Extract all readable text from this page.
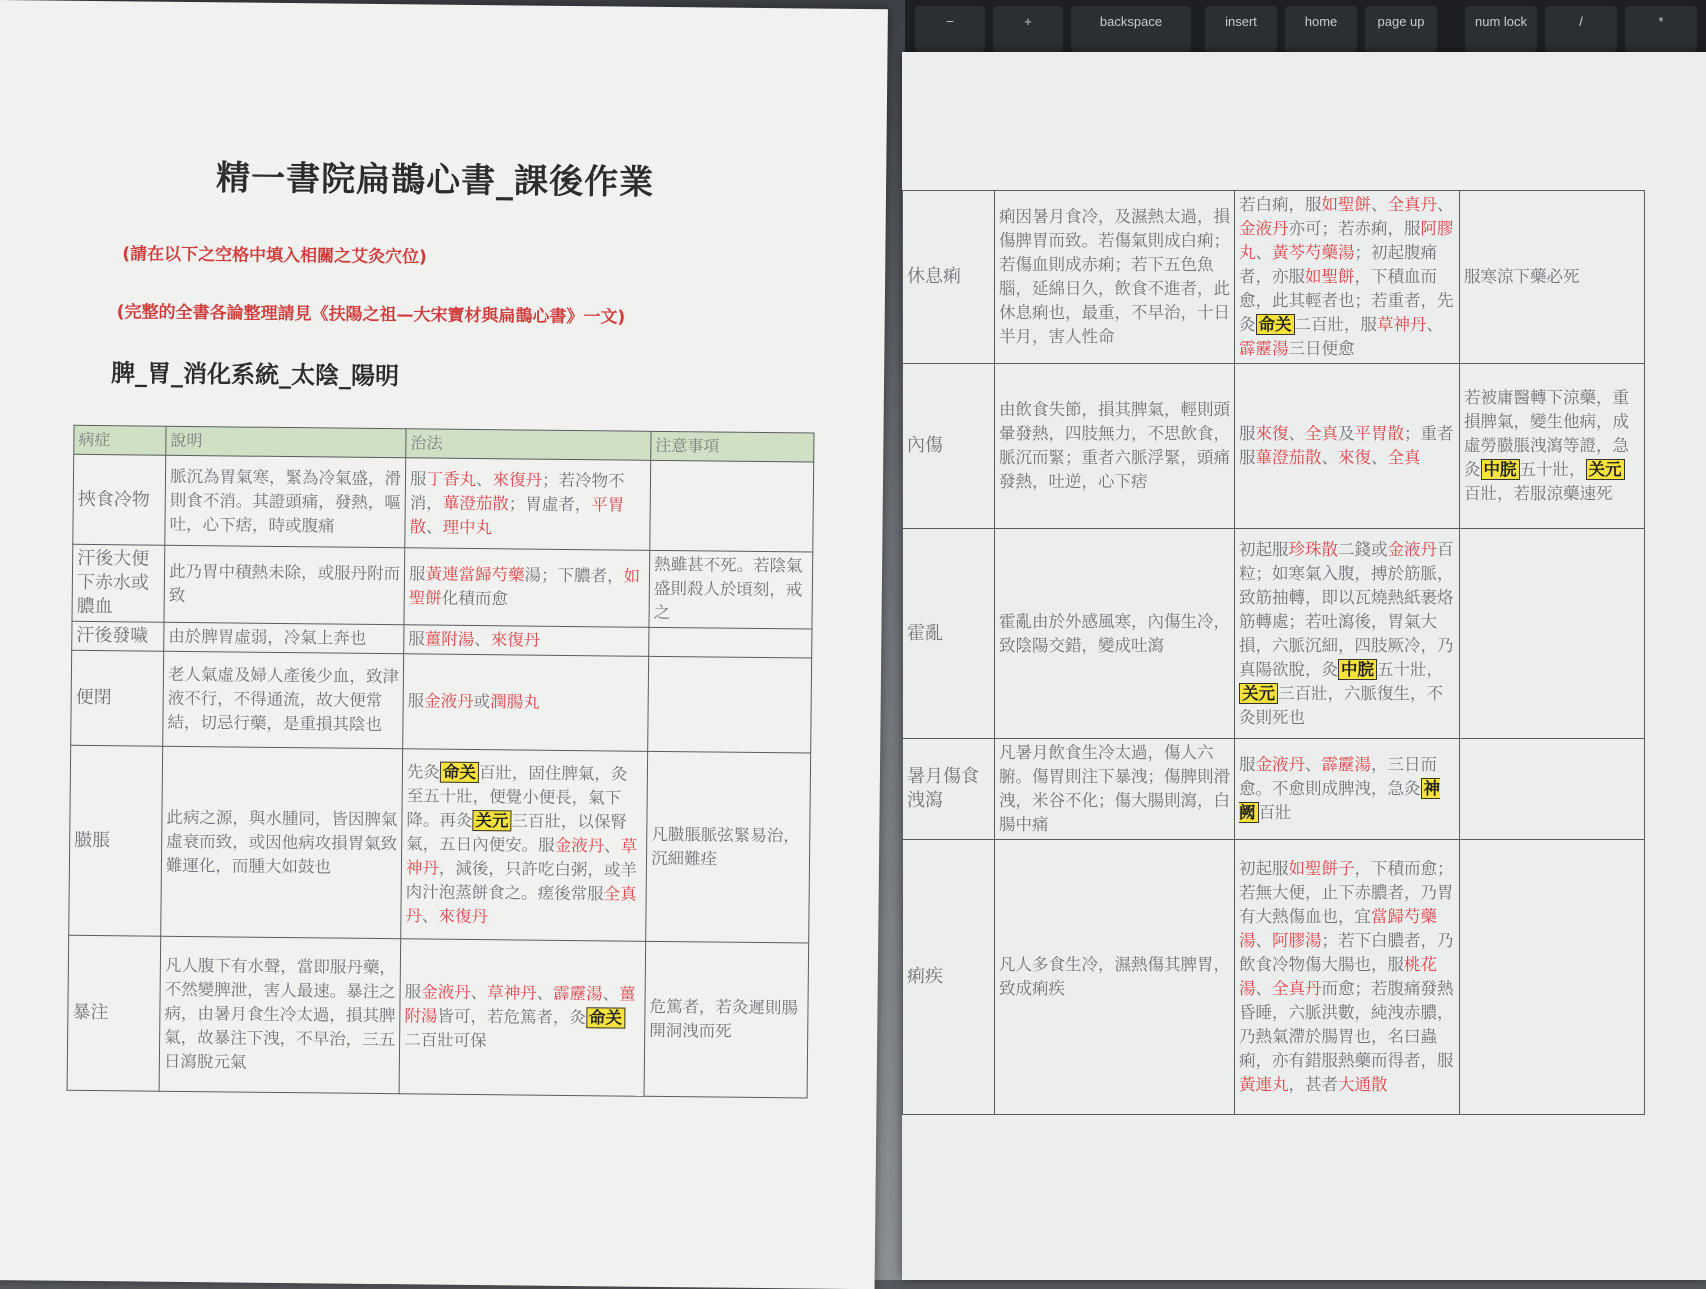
−	+	backspace	insert	home	page up	num lock	/	*
精一書院扁鵲心書_課後作業
(請在以下之空格中填入相關之艾灸穴位)
(完整的全書各論整理請見《扶陽之祖—大宋寶材與扁鵲心書》一文)
脾_胃_消化系統_太陰_陽明
病症	說明	治法	注意事項
挾食冷物	脈沉為胃氣寒，緊為冷氣盛，滑則食不消。其證頭痛，發熱，嘔吐，心下痞，時或腹痛	服丁香丸、來復丹；若冷物不消，蓽澄茄散；胃虛者，平胃散、理中丸	
汗後大便下赤水或膿血	此乃胃中積熱未除，或服丹附而致	服黃連當歸芍藥湯；下膿者，如聖餅化積而愈	熱雖甚不死。若陰氣盛則殺人於頃刻，戒之
汗後發噦	由於脾胃虛弱，冷氣上奔也	服薑附湯、來復丹	
便閉	老人氣虛及婦人產後少血，致津液不行，不得通流，故大便常結，切忌行藥，是重損其陰也	服金液丹或潤腸丸	
臌脹	此病之源，與水腫同，皆因脾氣虛衰而致，或因他病攻損胃氣致難運化，而腫大如鼓也	先灸 命关 百壯，固住脾氣，灸至五十壯，便覺小便長，氣下降。再灸 关元 三百壯，以保腎氣，五日內便安。服金液丹、草神丹，減後，只許吃白粥，或羊肉汁泡蒸餅食之。瘥後常服全真丹、來復丹	凡臌脹脈弦緊易治，沉細難痊
暴注	凡人腹下有水聲，當即服丹藥，不然變脾泄，害人最速。暴注之病，由暑月食生冷太過，損其脾氣，故暴注下洩，不早治，三五日瀉脫元氣	服金液丹、草神丹、霹靂湯、薑附湯皆可，若危篤者，灸 命关二百壯可保	危篤者，若灸遲則腸開洞洩而死
休息痢	痢因暑月食冷，及濕熱太過，損傷脾胃而致。若傷氣則成白痢；若傷血則成赤痢；若下五色魚腦，延綿日久，飲食不進者，此休息痢也，最重，不早治，十日半月，害人性命	若白痢，服如聖餅、全真丹、金液丹亦可；若赤痢，服阿膠丸、黃芩芍藥湯；初起腹痛者，亦服如聖餅，下積血而愈，此其輕者也；若重者，先灸 命关 二百壯，服草神丹、霹靂湯三日便愈	服寒涼下藥必死
內傷	由飲食失節，損其脾氣，輕則頭暈發熱，四肢無力，不思飲食，脈沉而緊；重者六脈浮緊，頭痛發熱，吐逆，心下痞	服來復、全真及平胃散；重者服蓽澄茄散、來復、全真	若被庸醫轉下涼藥，重損脾氣，變生他病，成虛勞臌脹洩瀉等證，急灸 中脘 五十壯， 关元百壯，若服涼藥速死
霍亂	霍亂由於外感風寒，內傷生冷，致陰陽交錯，變成吐瀉	初起服珍珠散二錢或金液丹百粒；如寒氣入腹，搏於筋脈，致筋抽轉，即以瓦燒熱紙裹烙筋轉處；若吐瀉後，胃氣大損，六脈沉細，四肢厥冷，乃真陽欲脫，灸 中脘 五十壯，关元 三百壯，六脈復生，不灸則死也	
暑月傷食洩瀉	凡暑月飲食生冷太過，傷人六腑。傷胃則注下暴洩；傷脾則滑洩，米谷不化；傷大腸則瀉，白腸中痛	服金液丹、霹靂湯，三日而愈。不愈則成脾洩，急灸 神阙 百壯	
痢疾	凡人多食生冷，濕熱傷其脾胃，致成痢疾	初起服如聖餅子，下積而愈；若無大便，止下赤膿者，乃胃有大熱傷血也，宜當歸芍藥湯、阿膠湯；若下白膿者，乃飲食冷物傷大腸也，服桃花湯、全真丹而愈；若腹痛發熱昏睡，六脈洪數，純洩赤膿，乃熱氣滯於腸胃也，名曰蟲痢，亦有錯服熱藥而得者，服黃連丸，甚者大通散	
